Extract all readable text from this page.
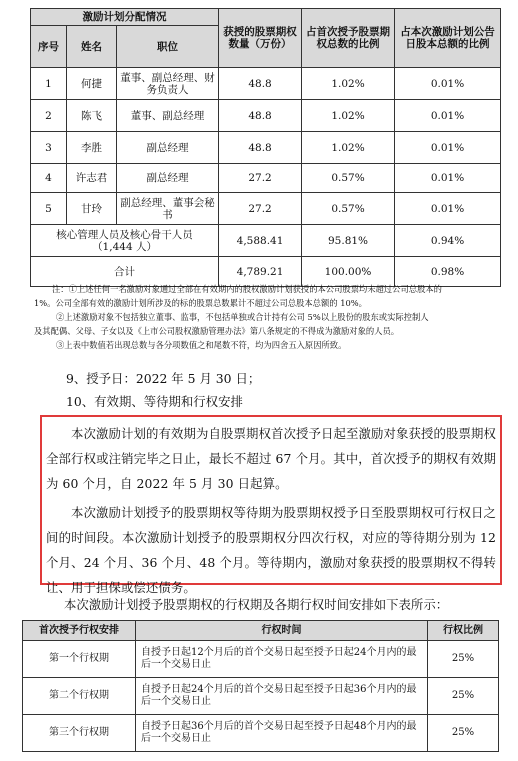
激励计划分配情况			获授的股票期权数量（万份）	占首次授予股票期权总数的比例	占本次激励计划公告日股本总额的比例
序号	姓名	职位			
1	何捷	董事、副总经理、财务负责人	48.8	1.02%	0.01%
2	陈飞	董事、副总经理	48.8	1.02%	0.01%
3	李胜	副总经理	48.8	1.02%	0.01%
4	许志君	副总经理	27.2	0.57%	0.01%
5	甘玲	副总经理、董事会秘书	27.2	0.57%	0.01%
核心管理人员及核心骨干人员（1,444 人）			4,588.41	95.81%	0.94%
合计			4,789.21	100.00%	0.98%

注：①上述任何一名激励对象通过全部在有效期内的股权激励计划获授的本公司股票均未超过公司总股本的

1%。公司全部有效的激励计划所涉及的标的股票总数累计不超过公司总股本总额的 10%。

②上述激励对象不包括独立董事、监事，不包括单独或合计持有公司 5%以上股份的股东或实际控制人

及其配偶、父母、子女以及《上市公司股权激励管理办法》第八条规定的不得成为激励对象的人员。

③上表中数值若出现总数与各分项数值之和尾数不符，均为四舍五入原因所致。

9、授予日：2022 年 5 月 30 日；

10、有效期、等待期和行权安排

本次激励计划的有效期为自股票期权首次授予日起至激励对象获授的股票期权全部行权或注销完毕之日止，最长不超过 67 个月。其中，首次授予的期权有效期为 60 个月，自 2022 年 5 月 30 日起算。

本次激励计划授予的股票期权等待期为股票期权授予日至股票期权可行权日之间的时间段。本次激励计划授予的股票期权分四次行权，对应的等待期分别为 12 个月、24 个月、36 个月、48 个月。等待期内，激励对象获授的股票期权不得转让、用于担保或偿还债务。

本次激励计划授予股票期权的行权期及各期行权时间安排如下表所示：

首次授予行权安排	行权时间	行权比例
第一个行权期	自授予日起12个月后的首个交易日起至授予日起24个月内的最后一个交易日止	25%
第二个行权期	自授予日起24个月后的首个交易日起至授予日起36个月内的最后一个交易日止	25%
第三个行权期	自授予日起36个月后的首个交易日起至授予日起48个月内的最后一个交易日止	25%
